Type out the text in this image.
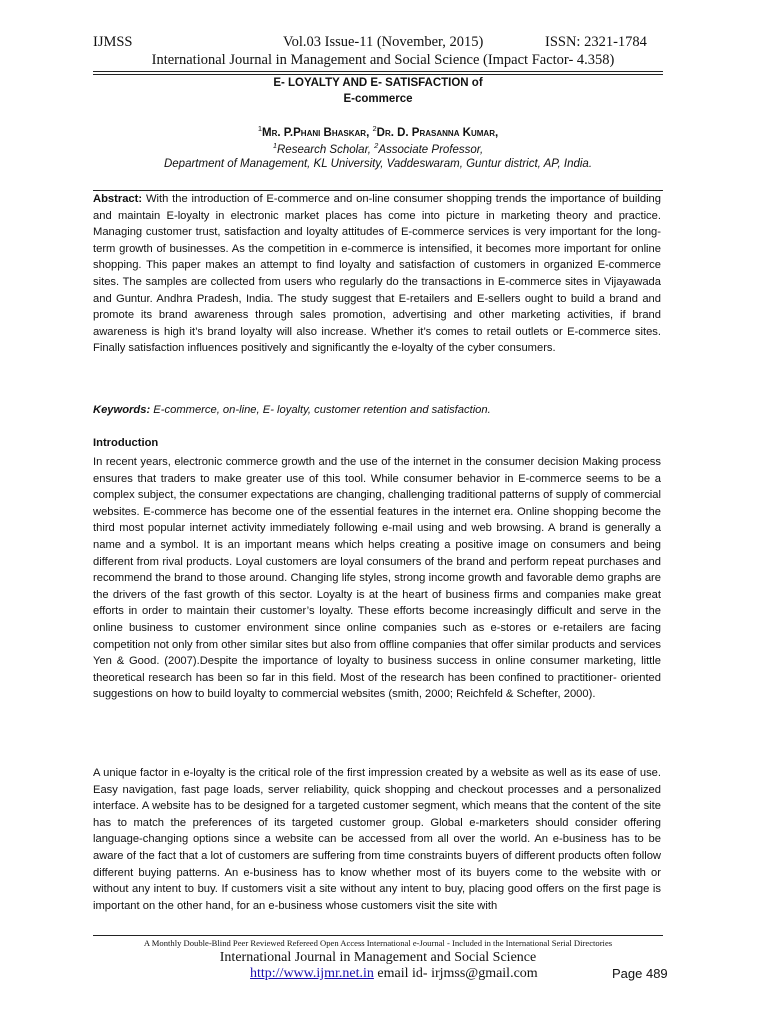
IJMSS	Vol.03 Issue-11 (November, 2015)	ISSN: 2321-1784
International Journal in Management and Social Science (Impact Factor- 4.358)
E- LOYALTY AND E- SATISFACTION of
E-commerce
$^1$Mr. P.Phani Bhaskar, $^2$Dr. D. Prasanna Kumar,
$^1$Research Scholar, $^2$Associate Professor,
Department of Management, KL University, Vaddeswaram, Guntur district, AP, India.

Abstract: With the introduction of E-commerce and on-line consumer shopping trends the importance of building and maintain E-loyalty in electronic market places has come into picture in marketing theory and practice. Managing customer trust, satisfaction and loyalty attitudes of E-commerce services is very important for the long-term growth of businesses. As the competition in e-commerce is intensified, it becomes more important for online shopping. This paper makes an attempt to find loyalty and satisfaction of customers in organized E-commerce sites. The samples are collected from users who regularly do the transactions in E-commerce sites in Vijayawada and Guntur. Andhra Pradesh, India. The study suggest that E-retailers and E-sellers ought to build a brand and promote its brand awareness through sales promotion, advertising and other marketing activities, if brand awareness is high it’s brand loyalty will also increase. Whether it’s comes to retail outlets or E-commerce sites. Finally satisfaction influences positively and significantly the e-loyalty of the cyber consumers.

Keywords: E-commerce, on-line, E- loyalty, customer retention and satisfaction.
Introduction

In recent years, electronic commerce growth and the use of the internet in the consumer decision Making process ensures that traders to make greater use of this tool. While consumer behavior in E-commerce seems to be a complex subject, the consumer expectations are changing, challenging traditional patterns of supply of commercial websites. E-commerce has become one of the essential features in the internet era. Online shopping become the third most popular internet activity immediately following e-mail using and web browsing. A brand is generally a name and a symbol. It is an important means which helps creating a positive image on consumers and being different from rival products. Loyal customers are loyal consumers of the brand and perform repeat purchases and recommend the brand to those around. Changing life styles, strong income growth and favorable demo graphs are the drivers of the fast growth of this sector. Loyalty is at the heart of business firms and companies make great efforts in order to maintain their customer’s loyalty. These efforts become increasingly difficult and serve in the online business to customer environment since online companies such as e-stores or e-retailers are facing competition not only from other similar sites but also from offline companies that offer similar products and services Yen & Good. (2007).Despite the importance of loyalty to business success in online consumer marketing, little theoretical research has been so far in this field. Most of the research has been confined to practitioner- oriented suggestions on how to build loyalty to commercial websites (smith, 2000; Reichfeld & Schefter, 2000).

A unique factor in e-loyalty is the critical role of the first impression created by a website as well as its ease of use. Easy navigation, fast page loads, server reliability, quick shopping and checkout processes and a personalized interface. A website has to be designed for a targeted customer segment, which means that the content of the site has to match the preferences of its targeted customer group. Global e-marketers should consider offering language-changing options since a website can be accessed from all over the world. An e-business has to be aware of the fact that a lot of customers are suffering from time constraints buyers of different products often follow different buying patterns. An e-business has to know whether most of its buyers come to the website with or without any intent to buy. If customers visit a site without any intent to buy, placing good offers on the first page is important on the other hand, for an e-business whose customers visit the site with

A Monthly Double-Blind Peer Reviewed Refereed Open Access International e-Journal - Included in the International Serial Directories
International Journal in Management and Social Science
http://www.ijmr.net.in email id- irjmss@gmail.com	Page 489
